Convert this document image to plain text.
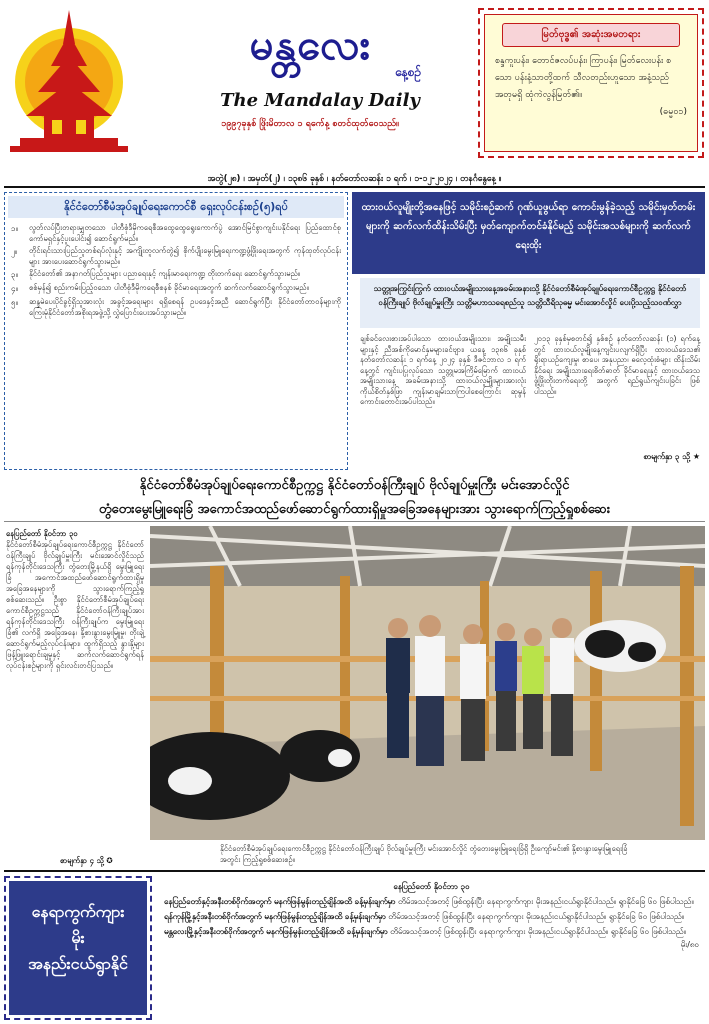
မန္တလေး
နေ့စဉ်
The Mandalay Daily
၁၉၉၇ခုနှစ် ဖြိုးမိတာလ ၁ ရက်ေန့ စတင်ထုတ်ဝေသည်။
မြတ်ဗုဒ္ဓ၏ အဆုံးအမတရား
စန္ဒကူးပန်း၊ တောင်ဇလပ်ပန်း၊ ကြာပန်း၊ မြတ်လေးပန်း စသော ပန်းနံ့သာတို့ထက် သီလတည်းဟူသော အနံ့သည် အတုမရှိ ထုံကဲလွန်မြတ်၏။
(ဓမ္မ၀၁)
အတွဲ(၂၈) ၊ အမှတ်(၂) ၊ ၁၃၈၆ ခုနှစ် ၊ နတ်တော်လဆန်း ၁ ရက် ၊ ၁-၁၂-၂၀၂၄ ၊ တနင်္ဂနွေနေ့ ။
နိုင်ငံတော်စီမံအုပ်ချုပ်ရေးကောင်စီ ရှေးလုပ်ငန်းစဉ်(၅)ရပ်
၁။	လွတ်လပ်ပြီးတရားမျှတသော ပါတီစုံဒီမိုကရေစီအထွေထွေရွေးကောက်ပွဲ အောင်မြင်စွာကျင်းပနိုင်ရေး ပြည်ထောင်စုကော်မရှင်နှင့်ပူးပေါင်း၍ ဆောင်ရွက်မည်။
၂။	တိုင်းရင်းသားပြည်သူတစ်ရပ်လုံးနှင့် အကျိုးတူလက်တွဲ၍ စိုက်ပျိုးမွေးမြူရေးကဏ္ဍဖွံ့ဖြိုးရေးအတွက် ကုန်ထုတ်လုပ်ငန်းများ အားပေးဆောင်ရွက်သွားမည်။
၃။	နိုင်ငံတော်၏ အနာဂတ်ပြည်သူများ ပညာရေးနှင့် ကျန်းမာရေးကဏ္ဍ တိုးတက်ရေး ဆောင်ရွက်သွားမည်။
၄။	စစ်မှန်၍ စည်းကမ်းပြည့်ဝသော ပါတီစုံဒီမိုကရေစီစနစ် ခိုင်မာရေးအတွက် ဆက်လက်ဆောင်ရွက်သွားမည်။
၅။	ဆန္ဒမဲပေးပိုင်ခွင့်ရှိသူအားလုံး အခွင့်အရေးများ ရရှိစေရန် ဥပဒေနှင့်အညီ ဆောင်ရွက်ပြီး နိုင်ငံတော်တာဝန်များကို ကြေးမုံနိုင်ငံတော်အစိုးရအဖွဲ့သို့ လွှဲပြောင်းပေးအပ်သွားမည်။
ထားဝယ်လူမျိုးတို့အနေဖြင့် သမိုင်းစဉ်ဆက် ဂုဏ်ယူဖွယ်ရာ ကောင်းမွန်ခဲ့သည့် သမိုင်းမှတ်တမ်းများကို ဆက်လက်ထိန်းသိမ်းပြီး မှတ်ကျောက်တင်ခံနိုင်မည့် သမိုင်းအသစ်များကို ဆက်လက်ရေးထိုး
သတ္တုအကြွင်းကြွက် ထားဝယ်အမျိုးသားနေ့အခမ်းအနားသို့ နိုင်ငံတော်စီမံအုပ်ချုပ်ရေးကောင်စီဥက္ကဋ္ဌ နိုင်ငံတော်ဝန်ကြီးချုပ် ဗိုလ်ချုပ်မှူးကြီး သတ္တိမဟာသရေစည်သူ သတ္တိသီရိသုဓမ္မ မင်းအောင်လှိုင် ပေးပို့သည့်သဝဏ်လွှာ
ချစ်ခင်လေးစားအပ်ပါသော ထားဝယ်အမျိုးသား၊ အမျိုးသမီးများနှင့် ညီအစ်ကိုမောင်နှမများခင်ဗျား၊ ယနေ့ ၁၃၈၆ ခုနှစ် နတ်တော်လဆန်း ၁ ရက်နေ့ ၂၀၂၄ ခုနှစ် ဒီဇင်ဘာလ ၁ ရက်နေ့တွင် ကျင်းပပြုလုပ်သော သတ္တုမအကြိမ်မြောက် ထားဝယ်အမျိုးသားနေ့ အခမ်းအနားသို့ ထားဝယ်လူမျိုးများအားလုံး ကိုယ်စိတ်နှစ်ဖြာ ကျန်းမာချမ်းသာကြပါစေကြောင်း ဆုမွန်ကောင်းတောင်းအပ်ပါသည်။
၂၀၁၃ ခုနှစ်မှစတင်၍ နှစ်စဉ် နတ်တော်လဆန်း (၁) ရက်နေ့တွင် ထားဝယ်လူမျိုးနေ့ကျင်းပလျက်ရှိပြီး ထားဝယ်ဒေသ၏ ရိုးရာယဉ်ကျေးမှု၊ စာပေ၊ အနုပညာ၊ ဓလေ့ထုံးစံများ ထိန်းသိမ်းနိုင်ရေး အမျိုးသားရေးစိတ်ဓာတ် ခိုင်မာရေးနှင့် ထားဝယ်ဒေသ ဖွံ့ဖြိုးတိုးတက်ရေးတို့ အတွက် ရည်ရွယ်ကျင်းပခြင်း ဖြစ်ပါသည်။
စာမျက်နှာ ၃ သို့ ★
နိုင်ငံတော်စီမံအုပ်ချုပ်ရေးကောင်စီဥက္ကဋ္ဌ နိုင်ငံတော်ဝန်ကြီးချုပ် ဗိုလ်ချုပ်မှူးကြီး မင်းအောင်လှိုင်
တွံတေးမွေးမြူရေးခြံ အကောင်အထည်ဖော်ဆောင်ရွက်ထားရှိမှုအခြေအနေများအား သွားရောက်ကြည့်ရှုစစ်ဆေး
နေပြည်တော် နိုဝင်ဘာ ၃၀
နိုင်ငံတော်စီမံအုပ်ချုပ်ရေးကောင်စီဥက္ကဋ္ဌ နိုင်ငံတော်ဝန်ကြီးချုပ် ဗိုလ်ချုပ်မှူးကြီး မင်းအောင်လှိုင်သည် ရန်ကုန်တိုင်းဒေသကြီး တွံတေးမြို့နယ်ရှိ မွေးမြူရေးခြံ အကောင်အထည်ဖော်ဆောင်ရွက်ထားရှိမှု အခြေအနေများကို သွားရောက်ကြည့်ရှုစစ်ဆေးသည်။ ဦးစွာ နိုင်ငံတော်စီမံအုပ်ချုပ်ရေးကောင်စီဥက္ကဋ္ဌသည် နိုင်ငံတော်ဝန်ကြီးချုပ်အား ရန်ကုန်တိုင်းဒေသကြီး ဝန်ကြီးချုပ်က မွေးမြူရေးခြံ၏ လက်ရှိ အခြေအနေ၊ နို့စားနွားမွေးမြူမှု၊ တိုးချဲ့ဆောင်ရွက်မည့်လုပ်ငန်းများ၊ ထွက်ရှိသည့် နွားနို့များ ဖြန့်ဖြူးရောင်းချမှုနှင့် ဆက်လက်ဆောင်ရွက်ရန် လုပ်ငန်းစဉ်များကို ရှင်းလင်းတင်ပြသည်။
စာမျက်နှာ ၄ သို့ ✪
နိုင်ငံတော်စီမံအုပ်ချုပ်ရေးကောင်စီဥက္ကဋ္ဌ နိုင်ငံတော်ဝန်ကြီးချုပ် ဗိုလ်ချုပ်မှူးကြီး မင်းအောင်လှိုင် တွံတေးမွေးမြူရေးခြံရှိ ဦးကျော်မင်း၏ နို့စားနွားမွေးမြူရေးခြံ အတွင်း ကြည့်ရှုစစ်ဆေးစဉ်။
နေရာကွက်ကျား
မိုး
အနည်းငယ်ရွာနိုင်
နေပြည်တော် နိုဝင်ဘာ ၃၀
နေပြည်တော်နှင့်အနီးတစ်ဝိုက်အတွက် မနက်ဖြန်မွန်းတည့်ချိန်အထိ ခန့်မှန်းချက်မှာ တိမ်အသင့်အတင့် ဖြစ်ထွန်းပြီး နေရာကွက်ကျား မိုးအနည်းငယ်ရွာနိုင်ပါသည်။ ရွာနိုင်ခြေ ၆၀ ဖြစ်ပါသည်။
ရန်ကုန်မြို့နှင့်အနီးတစ်ဝိုက်အတွက် မနက်ဖြန်မွန်းတည့်ချိန်အထိ ခန့်မှန်းချက်မှာ တိမ်အသင့်အတင့် ဖြစ်ထွန်းပြီး နေရာကွက်ကျား မိုးအနည်းငယ်ရွာနိုင်ပါသည်။ ရွာနိုင်ခြေ ၆၀ ဖြစ်ပါသည်။
မန္တလေးမြို့နှင့်အနီးတစ်ဝိုက်အတွက် မနက်ဖြန်မွန်းတည့်ချိန်အထိ ခန့်မှန်းချက်မှာ တိမ်အသင့်အတင့် ဖြစ်ထွန်းပြီး နေရာကွက်ကျား မိုးအနည်းငယ်ရွာနိုင်ပါသည်။ ရွာနိုင်ခြေ ၆၀ ဖြစ်ပါသည်။
မိုး/၈၀
